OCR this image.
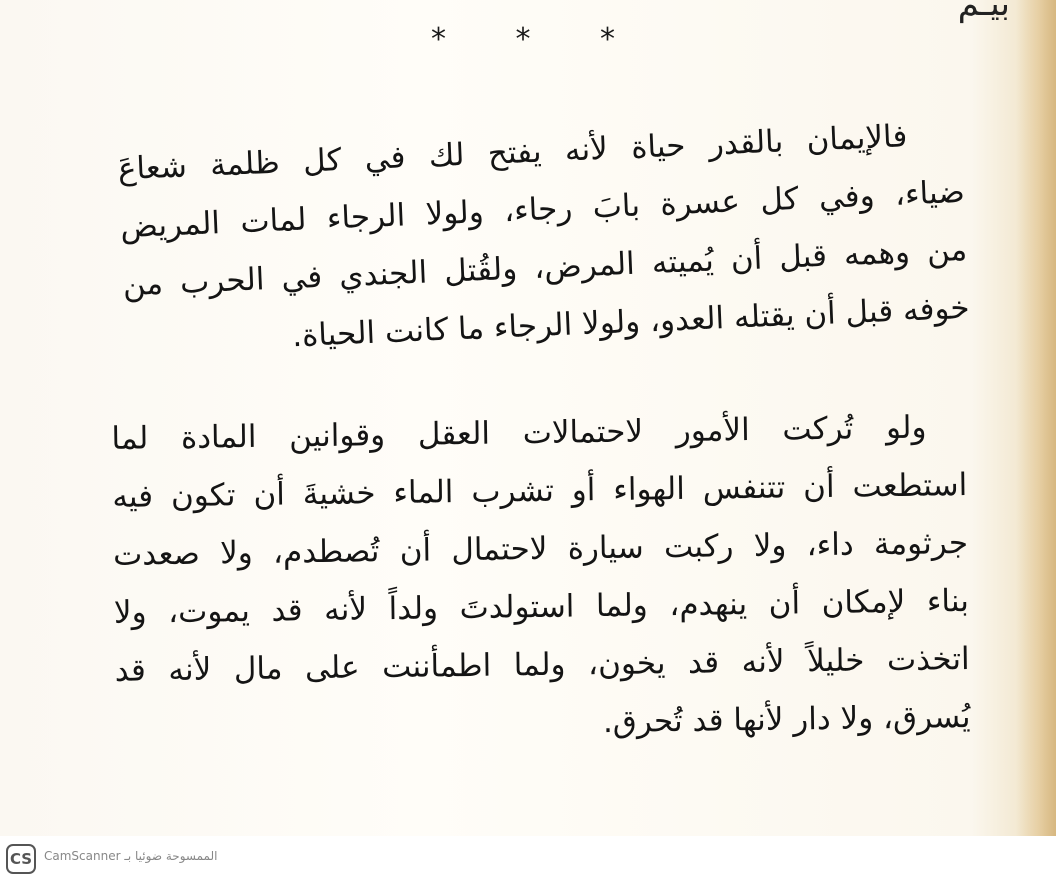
بيـم
* * *
فالإيمان بالقدر حياة لأنه يفتح لك في كل ظلمة شعاعَ
ضياء، وفي كل عسرة بابَ رجاء، ولولا الرجاء لمات المريض
من وهمه قبل أن يُميته المرض، ولقُتل الجندي في الحرب من
خوفه قبل أن يقتله العدو، ولولا الرجاء ما كانت الحياة.
ولو تُركت الأمور لاحتمالات العقل وقوانين المادة لما
استطعت أن تتنفس الهواء أو تشرب الماء خشيةَ أن تكون فيه
جرثومة داء، ولا ركبت سيارة لاحتمال أن تُصطدم، ولا صعدت
بناء لإمكان أن ينهدم، ولما استولدتَ ولداً لأنه قد يموت، ولا
اتخذت خليلاً لأنه قد يخون، ولما اطمأننت على مال لأنه قد
يُسرق، ولا دار لأنها قد تُحرق.
CS الممسوحة ضوئيا بـ CamScanner
